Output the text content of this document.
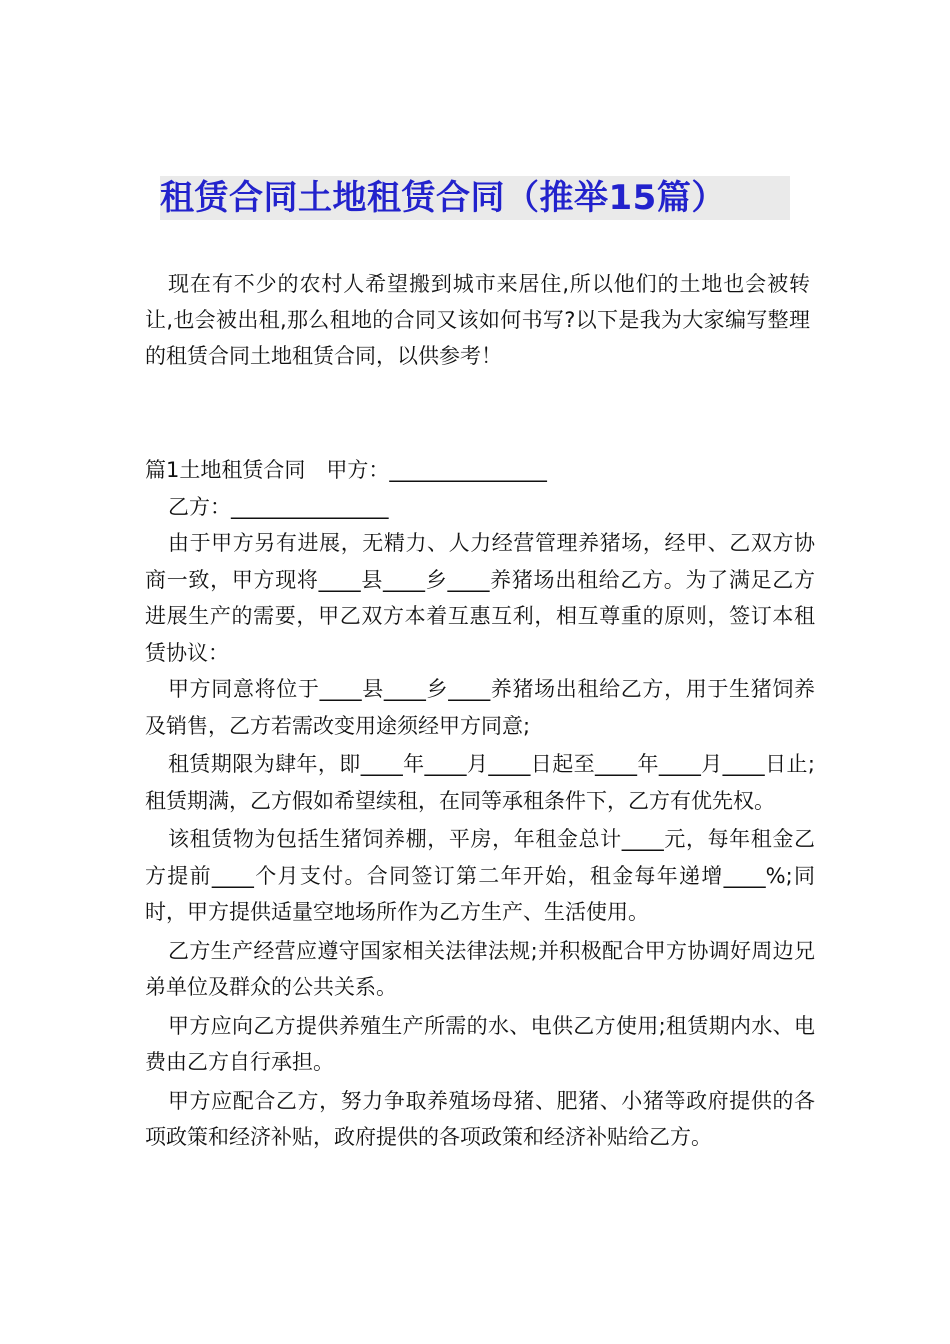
租赁合同土地租赁合同（推举15篇）
现在有不少的农村人希望搬到城市来居住,所以他们的土地也会被转让,也会被出租,那么租地的合同又该如何书写?以下是我为大家编写整理的租赁合同土地租赁合同，以供参考！

篇1土地租赁合同　甲方：_______________

乙方：_______________

由于甲方另有进展，无精力、人力经营管理养猪场，经甲、乙双方协商一致，甲方现将____县____乡____养猪场出租给乙方。为了满足乙方进展生产的需要，甲乙双方本着互惠互利，相互尊重的原则，签订本租赁协议：

甲方同意将位于____县____乡____养猪场出租给乙方，用于生猪饲养及销售，乙方若需改变用途须经甲方同意;

租赁期限为肆年，即____年____月____日起至____年____月____日止;租赁期满，乙方假如希望续租，在同等承租条件下，乙方有优先权。

该租赁物为包括生猪饲养棚，平房，年租金总计____元，每年租金乙方提前____个月支付。合同签订第二年开始，租金每年递增____%;同时，甲方提供适量空地场所作为乙方生产、生活使用。

乙方生产经营应遵守国家相关法律法规;并积极配合甲方协调好周边兄弟单位及群众的公共关系。

甲方应向乙方提供养殖生产所需的水、电供乙方使用;租赁期内水、电费由乙方自行承担。

甲方应配合乙方，努力争取养殖场母猪、肥猪、小猪等政府提供的各项政策和经济补贴，政府提供的各项政策和经济补贴给乙方。
